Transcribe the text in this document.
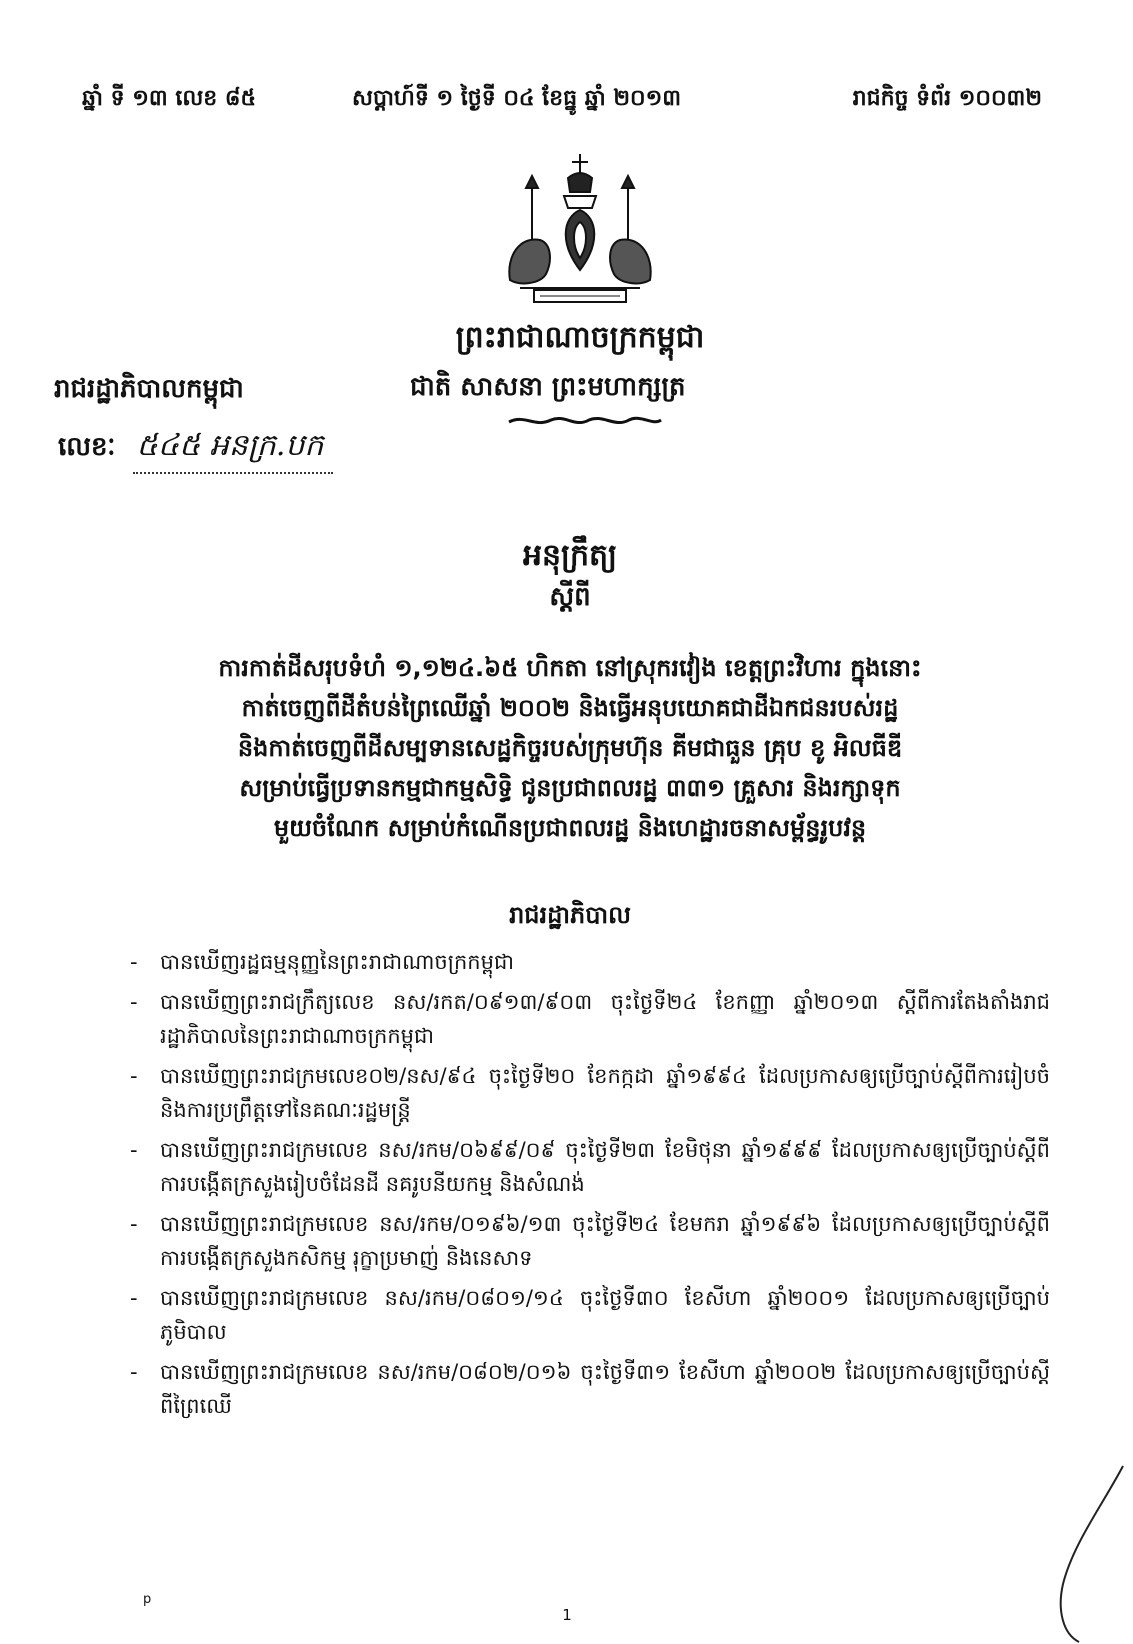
ឆ្នាំ ទី ១៣ លេខ ៨៥	សប្តាហ៍ទី ១ ថ្ងៃទី ០៤ ខែធ្នូ ឆ្នាំ ២០១៣	រាជកិច្ច ទំព័រ ១០០៣២
ព្រះរាជាណាចក្រកម្ពុជា
ជាតិ សាសនា ព្រះមហាក្សត្រ
រាជរដ្ឋាភិបាលកម្ពុជា
លេខៈ ៥៤៥ អនក្រ.បក
អនុក្រឹត្យ
ស្តីពី
ការកាត់ដីសរុបទំហំ ១,១២៤.៦៥ ហិកតា នៅស្រុករវៀង ខេត្តព្រះវិហារ ក្នុងនោះ
កាត់ចេញពីដីតំបន់ព្រៃឈើឆ្នាំ ២០០២ និងធ្វើអនុបយោគជាដីឯកជនរបស់រដ្ឋ
និងកាត់ចេញពីដីសម្បទានសេដ្ឋកិច្ចរបស់ក្រុមហ៊ុន គីមជាធួន គ្រុប ខូ អិលធីឌី
សម្រាប់ធ្វើប្រទានកម្មជាកម្មសិទ្ធិ ជូនប្រជាពលរដ្ឋ ៣៣១ គ្រួសារ និងរក្សាទុក
មួយចំណែក សម្រាប់កំណើនប្រជាពលរដ្ឋ និងហេដ្ឋារចនាសម្ព័ន្ធរូបវន្ត
រាជរដ្ឋាភិបាល
- បានឃើញរដ្ឋធម្មនុញ្ញនៃព្រះរាជាណាចក្រកម្ពុជា
- បានឃើញព្រះរាជក្រឹត្យលេខ នស/រកត/០៩១៣/៩០៣ ចុះថ្ងៃទី២៤ ខែកញ្ញា ឆ្នាំ២០១៣ ស្តីពីការតែងតាំងរាជរដ្ឋាភិបាលនៃព្រះរាជាណាចក្រកម្ពុជា
- បានឃើញព្រះរាជក្រមលេខ០២/នស/៩៤ ចុះថ្ងៃទី២០ ខែកក្កដា ឆ្នាំ១៩៩៤ ដែលប្រកាសឲ្យប្រើច្បាប់ស្តីពីការរៀបចំនិងការប្រព្រឹត្តទៅនៃគណៈរដ្ឋមន្ត្រី
- បានឃើញព្រះរាជក្រមលេខ នស/រកម/០៦៩៩/០៩ ចុះថ្ងៃទី២៣ ខែមិថុនា ឆ្នាំ១៩៩៩ ដែលប្រកាសឲ្យប្រើច្បាប់ស្តីពីការបង្កើតក្រសួងរៀបចំដែនដី នគរូបនីយកម្ម និងសំណង់
- បានឃើញព្រះរាជក្រមលេខ នស/រកម/០១៩៦/១៣ ចុះថ្ងៃទី២៤ ខែមករា ឆ្នាំ១៩៩៦ ដែលប្រកាសឲ្យប្រើច្បាប់ស្តីពីការបង្កើតក្រសួងកសិកម្ម រុក្ខាប្រមាញ់ និងនេសាទ
- បានឃើញព្រះរាជក្រមលេខ នស/រកម/០៨០១/១៤ ចុះថ្ងៃទី៣០ ខែសីហា ឆ្នាំ២០០១ ដែលប្រកាសឲ្យប្រើច្បាប់ភូមិបាល
- បានឃើញព្រះរាជក្រមលេខ នស/រកម/០៨០២/០១៦ ចុះថ្ងៃទី៣១ ខែសីហា ឆ្នាំ២០០២ ដែលប្រកាសឲ្យប្រើច្បាប់ស្តីពីព្រៃឈើ
p
1
